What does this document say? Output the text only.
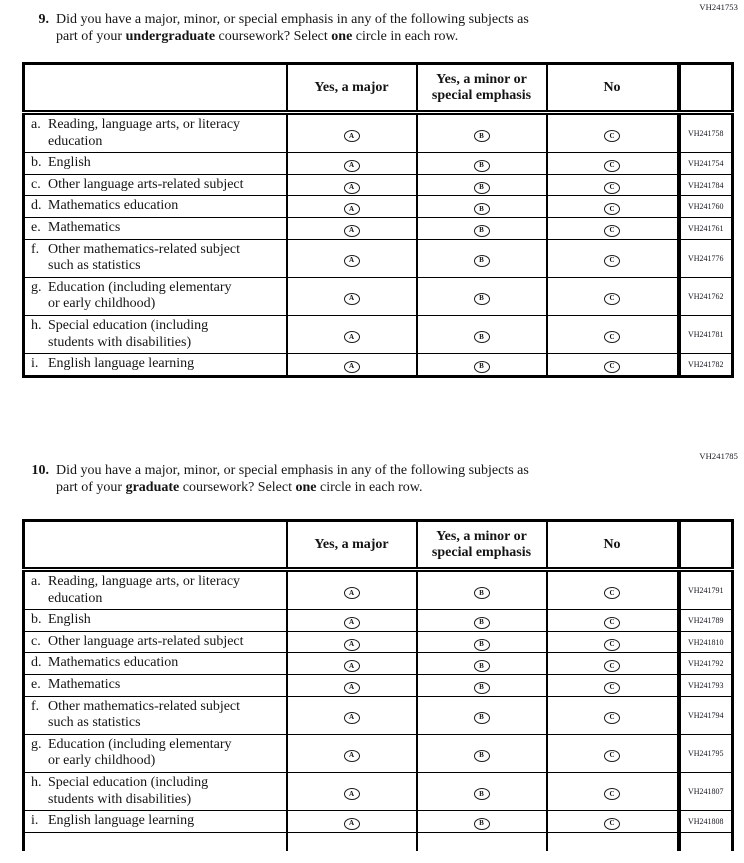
VH241753
9. Did you have a major, minor, or special emphasis in any of the following subjects as
part of your undergraduate coursework? Select one circle in each row.
	Yes, a major	Yes, a minor or special emphasis	No	

a. Reading, language arts, or literacy education	A	B	C	VH241758

b. English	A	B	C	VH241754

c. Other language arts-related subject	A	B	C	VH241784

d. Mathematics education	A	B	C	VH241760

e. Mathematics	A	B	C	VH241761

f. Other mathematics-related subject such as statistics	A	B	C	VH241776

g. Education (including elementary or early childhood)	A	B	C	VH241762

h. Special education (including students with disabilities)	A	B	C	VH241781

i. English language learning	A	B	C	VH241782
VH241785
10. Did you have a major, minor, or special emphasis in any of the following subjects as
part of your graduate coursework? Select one circle in each row.
	Yes, a major	Yes, a minor or special emphasis	No	

a. Reading, language arts, or literacy education	A	B	C	VH241791

b. English	A	B	C	VH241789

c. Other language arts-related subject	A	B	C	VH241810

d. Mathematics education	A	B	C	VH241792

e. Mathematics	A	B	C	VH241793

f. Other mathematics-related subject such as statistics	A	B	C	VH241794

g. Education (including elementary or early childhood)	A	B	C	VH241795

h. Special education (including students with disabilities)	A	B	C	VH241807

i. English language learning	A	B	C	VH241808
